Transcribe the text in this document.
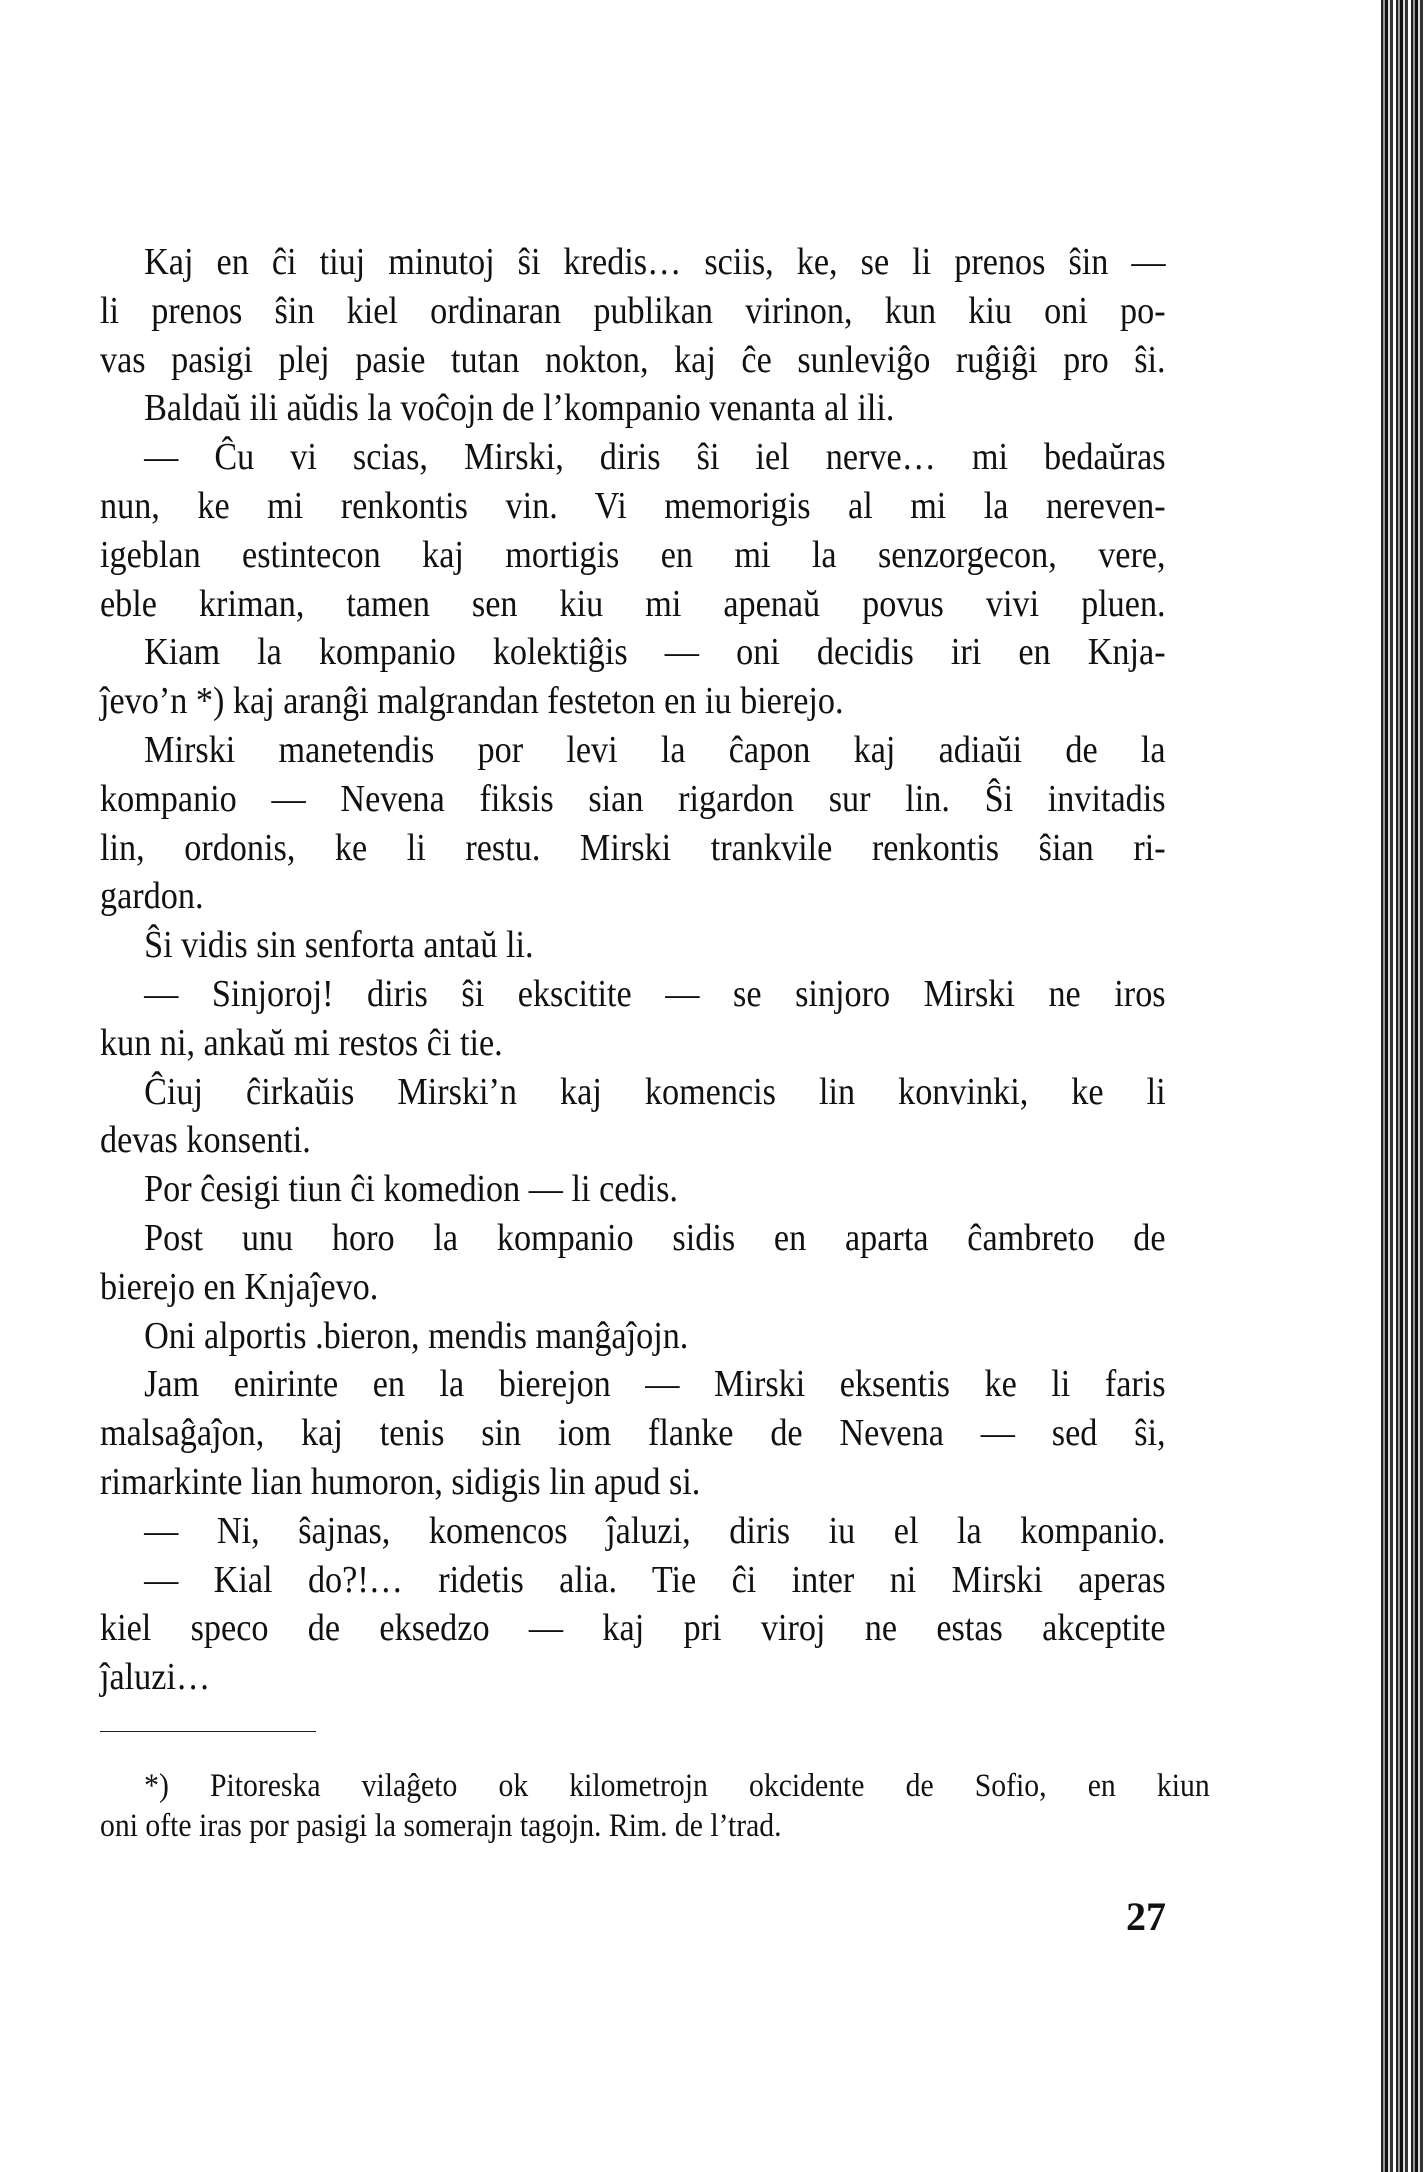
Kaj en ĉi tiuj minutoj ŝi kredis… sciis, ke, se li prenos ŝin —
li prenos ŝin kiel ordinaran publikan virinon, kun kiu oni po-
vas pasigi plej pasie tutan nokton, kaj ĉe sunleviĝo ruĝiĝi pro ŝi.
Baldaŭ ili aŭdis la voĉojn de l’kompanio venanta al ili.
— Ĉu vi scias, Mirski, diris ŝi iel nerve… mi bedaŭras
nun, ke mi renkontis vin. Vi memorigis al mi la nereven-
igeblan estintecon kaj mortigis en mi la senzorgecon, vere,
eble kriman, tamen sen kiu mi apenaŭ povus vivi pluen.
Kiam la kompanio kolektiĝis — oni decidis iri en Knja-
ĵevo’n *) kaj aranĝi malgrandan festeton en iu bierejo.
Mirski manetendis por levi la ĉapon kaj adiaŭi de la
kompanio — Nevena fiksis sian rigardon sur lin. Ŝi invitadis
lin, ordonis, ke li restu. Mirski trankvile renkontis ŝian ri-
gardon.
Ŝi vidis sin senforta antaŭ li.
— Sinjoroj! diris ŝi ekscitite — se sinjoro Mirski ne iros
kun ni, ankaŭ mi restos ĉi tie.
Ĉiuj ĉirkaŭis Mirski’n kaj komencis lin konvinki, ke li
devas konsenti.
Por ĉesigi tiun ĉi komedion — li cedis.
Post unu horo la kompanio sidis en aparta ĉambreto de
bierejo en Knjaĵevo.
Oni alportis .bieron, mendis manĝaĵojn.
Jam enirinte en la bierejon — Mirski eksentis ke li faris
malsaĝaĵon, kaj tenis sin iom flanke de Nevena — sed ŝi,
rimarkinte lian humoron, sidigis lin apud si.
— Ni, ŝajnas, komencos ĵaluzi, diris iu el la kompanio.
— Kial do?!… ridetis alia. Tie ĉi inter ni Mirski aperas
kiel speco de eksedzo — kaj pri viroj ne estas akceptite
ĵaluzi…
*) Pitoreska vilaĝeto ok kilometrojn okcidente de Sofio, en kiun
oni ofte iras por pasigi la somerajn tagojn. Rim. de l’trad.
27
